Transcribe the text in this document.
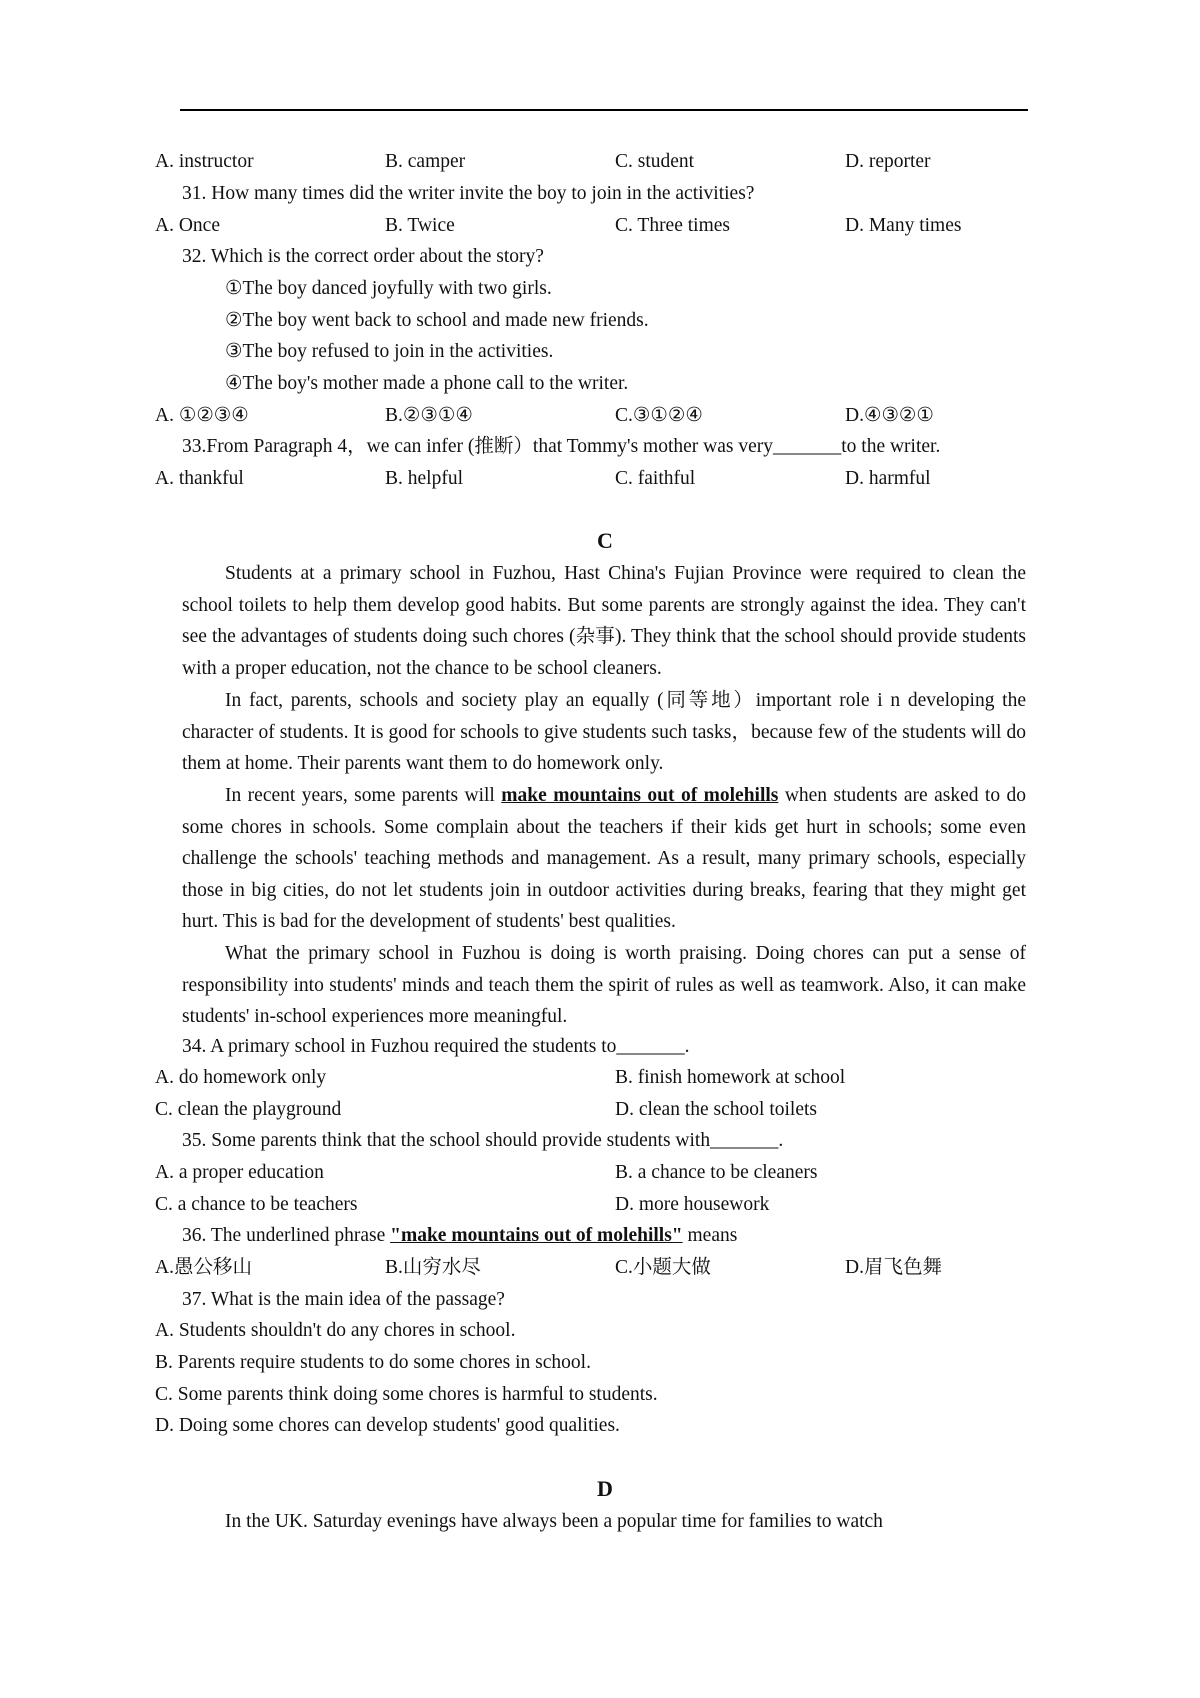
A. instructor	B. camper	C. student	D. reporter
31. How many times did the writer invite the boy to join in the activities?
A. Once	B. Twice	C. Three times	D. Many times
32. Which is the correct order about the story?
①The boy danced joyfully with two girls.
②The boy went back to school and made new friends.
③The boy refused to join in the activities.
④The boy's mother made a phone call to the writer.
A. ①②③④	B.②③①④	C.③①②④	D.④③②①
33.From Paragraph 4，we can infer (推断）that Tommy's mother was very_______to the writer.
A. thankful	B. helpful	C. faithful	D. harmful
C

Students at a primary school in Fuzhou, Hast China's Fujian Province were required to clean the school toilets to help them develop good habits. But some parents are strongly against the idea. They can't see the advantages of students doing such chores (杂事). They think that the school should provide students with a proper education, not the chance to be school cleaners.

In fact, parents, schools and society play an equally (同等地）important role i n developing the character of students. It is good for schools to give students such tasks，because few of the students will do them at home. Their parents want them to do homework only.

In recent years, some parents will make mountains out of molehills when students are asked to do some chores in schools. Some complain about the teachers if their kids get hurt in schools; some even challenge the schools' teaching methods and management. As a result, many primary schools, especially those in big cities, do not let students join in outdoor activities during breaks, fearing that they might get hurt. This is bad for the development of students' best qualities.

What the primary school in Fuzhou is doing is worth praising. Doing chores can put a sense of responsibility into students' minds and teach them the spirit of rules as well as teamwork. Also, it can make students' in-school experiences more meaningful.

34. A primary school in Fuzhou required the students to_______.
A. do homework only	B. finish homework at school
C. clean the playground	D. clean the school toilets
35. Some parents think that the school should provide students with_______.
A. a proper education	B. a chance to be cleaners
C. a chance to be teachers	D. more housework
36. The underlined phrase "make mountains out of molehills" means
A.愚公移山	B.山穷水尽	C.小题大做	D.眉飞色舞
37. What is the main idea of the passage?
A. Students shouldn't do any chores in school.
B. Parents require students to do some chores in school.
C. Some parents think doing some chores is harmful to students.
D. Doing some chores can develop students' good qualities.
D

In the UK. Saturday evenings have always been a popular time for families to watch
